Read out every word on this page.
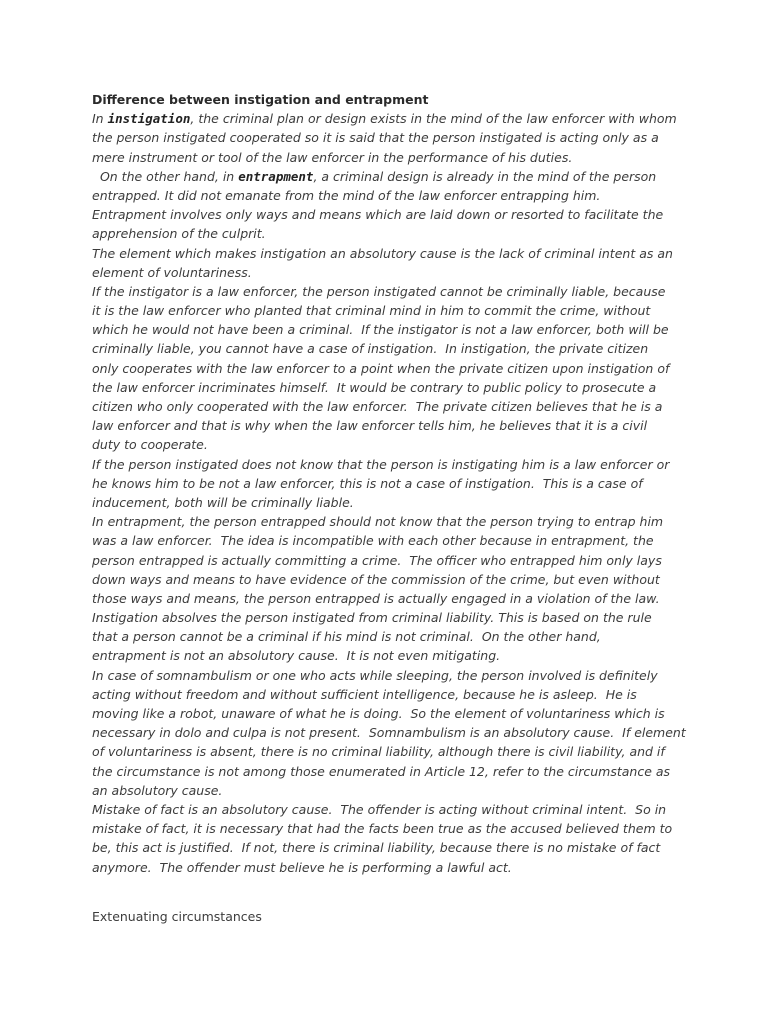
Difference between instigation and entrapment
In instigation, the criminal plan or design exists in the mind of the law enforcer with whom
the person instigated cooperated so it is said that the person instigated is acting only as a
mere instrument or tool of the law enforcer in the performance of his duties.
On the other hand, in entrapment, a criminal design is already in the mind of the person
entrapped. It did not emanate from the mind of the law enforcer entrapping him.
Entrapment involves only ways and means which are laid down or resorted to facilitate the
apprehension of the culprit.
The element which makes instigation an absolutory cause is the lack of criminal intent as an
element of voluntariness.
If the instigator is a law enforcer, the person instigated cannot be criminally liable, because
it is the law enforcer who planted that criminal mind in him to commit the crime, without
which he would not have been a criminal.  If the instigator is not a law enforcer, both will be
criminally liable, you cannot have a case of instigation.  In instigation, the private citizen
only cooperates with the law enforcer to a point when the private citizen upon instigation of
the law enforcer incriminates himself.  It would be contrary to public policy to prosecute a
citizen who only cooperated with the law enforcer.  The private citizen believes that he is a
law enforcer and that is why when the law enforcer tells him, he believes that it is a civil
duty to cooperate.
If the person instigated does not know that the person is instigating him is a law enforcer or
he knows him to be not a law enforcer, this is not a case of instigation.  This is a case of
inducement, both will be criminally liable.
In entrapment, the person entrapped should not know that the person trying to entrap him
was a law enforcer.  The idea is incompatible with each other because in entrapment, the
person entrapped is actually committing a crime.  The officer who entrapped him only lays
down ways and means to have evidence of the commission of the crime, but even without
those ways and means, the person entrapped is actually engaged in a violation of the law.
Instigation absolves the person instigated from criminal liability. This is based on the rule
that a person cannot be a criminal if his mind is not criminal.  On the other hand,
entrapment is not an absolutory cause.  It is not even mitigating.
In case of somnambulism or one who acts while sleeping, the person involved is definitely
acting without freedom and without sufficient intelligence, because he is asleep.  He is
moving like a robot, unaware of what he is doing.  So the element of voluntariness which is
necessary in dolo and culpa is not present.  Somnambulism is an absolutory cause.  If element
of voluntariness is absent, there is no criminal liability, although there is civil liability, and if
the circumstance is not among those enumerated in Article 12, refer to the circumstance as
an absolutory cause.
Mistake of fact is an absolutory cause.  The offender is acting without criminal intent.  So in
mistake of fact, it is necessary that had the facts been true as the accused believed them to
be, this act is justified.  If not, there is criminal liability, because there is no mistake of fact
anymore.  The offender must believe he is performing a lawful act.
Extenuating circumstances
